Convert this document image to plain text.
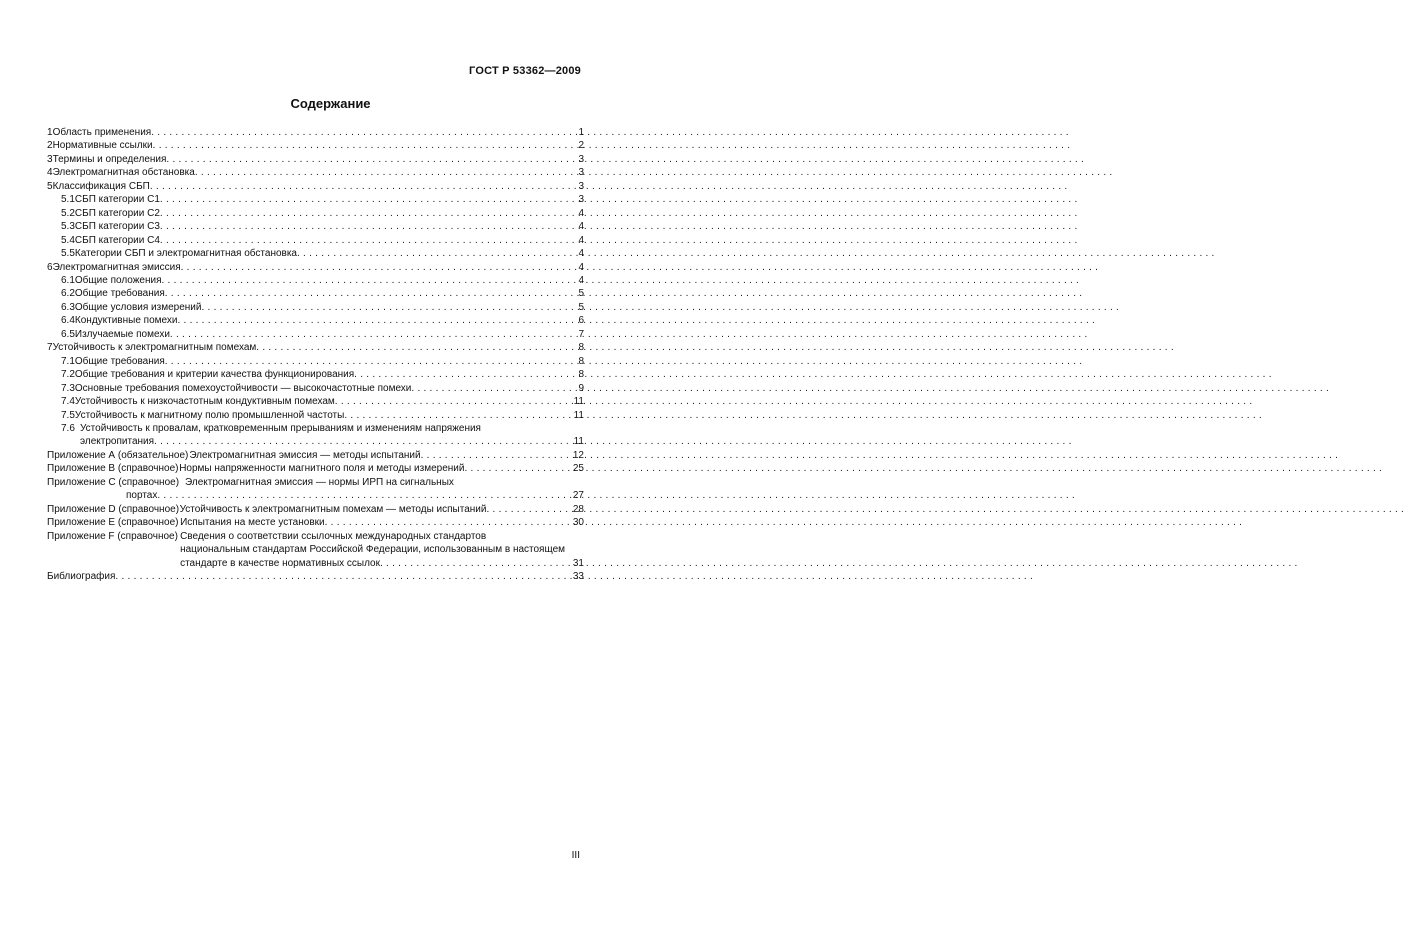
ГОСТ Р 53362—2009
Содержание
1 Область применения . . .	1
2 Нормативные ссылки . . .	2
3 Термины и определения . . .	3
4 Электромагнитная обстановка . . .	3
5 Классификация СБП . . .	3
5.1 СБП категории С1 . . .	3
5.2 СБП категории С2 . . .	4
5.3 СБП категории С3 . . .	4
5.4 СБП категории С4 . . .	4
5.5 Категории СБП и электромагнитная обстановка . . .	4
6 Электромагнитная эмиссия . . .	4
6.1 Общие положения . . .	4
6.2 Общие требования . . .	5
6.3 Общие условия измерений . . .	5
6.4 Кондуктивные помехи . . .	6
6.5 Излучаемые помехи . . .	7
7 Устойчивость к электромагнитным помехам . . .	8
7.1 Общие требования . . .	8
7.2 Общие требования и критерии качества функционирования . . .	8
7.3 Основные требования помехоустойчивости — высокочастотные помехи . . .	9
7.4 Устойчивость к низкочастотным кондуктивным помехам . . .	11
7.5 Устойчивость к магнитному полю промышленной частоты . . .	11
7.6 Устойчивость к провалам, кратковременным прерываниям и изменениям напряжения
электропитания . . .	11
Приложение А (обязательное) Электромагнитная эмиссия — методы испытаний . . .	12
Приложение В (справочное) Нормы напряженности магнитного поля и методы измерений . . .	25
Приложение С (справочное) Электромагнитная эмиссия — нормы ИРП на сигнальных
портах . . .	27
Приложение D (справочное) Устойчивость к электромагнитным помехам — методы испытаний . . .	28
Приложение Е (справочное) Испытания на месте установки . . .	30
Приложение F (справочное) Сведения о соответствии ссылочных международных стандартов
национальным стандартам Российской Федерации, использованным в настоящем
стандарте в качестве нормативных ссылок . . .	31
Библиография . . .	33
III
